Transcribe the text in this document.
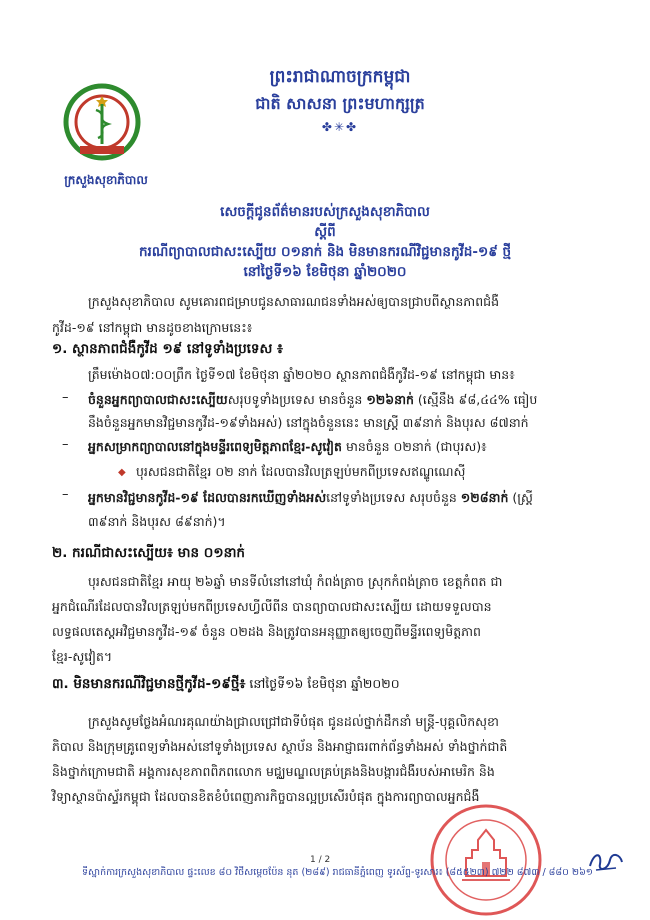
ព្រះរាជាណាចក្រកម្ពុជា
ជាតិ សាសនា ព្រះមហាក្សត្រ
✤✳✤
ក្រសួងសុខាភិបាល
សេចក្ដីជូនព័ត៌មានរបស់ក្រសួងសុខាភិបាល
ស្ដីពី
ករណីព្យាបាលជាសះស្បើយ ០១នាក់ និង មិនមានករណីវិជ្ជមានកូវីដ-១៩ ថ្មី
នៅថ្ងៃទី១៦ ខែមិថុនា ឆ្នាំ២០២០
ក្រសួងសុខាភិបាល សូមគោរពជម្រាបជូនសាធារណជនទាំងអស់ឲ្យបានជ្រាបពីស្ថានភាពជំងឺ
កូវីដ-១៩ នៅកម្ពុជា មានដូចខាងក្រោមនេះ៖
១. ស្ថានភាពជំងឺកូវីដ ១៩ នៅទូទាំងប្រទេស ៖
ត្រឹមម៉ោង០៧:០០ព្រឹក ថ្ងៃទី១៧ ខែមិថុនា ឆ្នាំ២០២០ ស្ថានភាពជំងឺកូវីដ-១៩ នៅកម្ពុជា មាន៖
– ចំនួនអ្នកព្យាបាលជាសះស្បើយសរុបទូទាំងប្រទេស មានចំនួន ១២៦នាក់ (ស្មើនឹង ៩៨,៤៤% ធៀប
នឹងចំនួនអ្នកមានវិជ្ជមានកូវីដ-១៩ទាំងអស់) នៅក្នុងចំនួននេះ មានស្ត្រី ៣៩នាក់ និងបុរស ៨៧នាក់
– អ្នកសម្រាកព្យាបាលនៅក្នុងមន្ទីរពេទ្យមិត្តភាពខ្មែរ-សូវៀត មានចំនួន ០២នាក់ (ជាបុរស)៖
◆ បុរសជនជាតិខ្មែរ ០២ នាក់ ដែលបានវិលត្រឡប់មកពីប្រទេសឥណ្ឌូណេស៊ី
– អ្នកមានវិជ្ជមានកូវីដ-១៩ ដែលបានរកឃើញទាំងអស់នៅទូទាំងប្រទេស សរុបចំនួន ១២៨នាក់ (ស្ត្រី
៣៩នាក់ និងបុរស ៨៩នាក់)។
២. ករណីជាសះស្បើយ៖ មាន ០១នាក់
បុរសជនជាតិខ្មែរ អាយុ ២៦ឆ្នាំ មានទីលំនៅនៅឃុំ កំពង់ត្រាច ស្រុកកំពង់ត្រាច ខេត្តកំពត ជា
អ្នកជំណើរដែលបានវិលត្រឡប់មកពីប្រទេសហ្វីលីពីន បានព្យាបាលជាសះស្បើយ ដោយទទួលបាន
លទ្ធផលតេស្តអវិជ្ជមានកូវីដ-១៩ ចំនួន ០២ដង និងត្រូវបានអនុញ្ញាតឲ្យចេញពីមន្ទីរពេទ្យមិត្តភាព
ខ្មែរ-សូវៀត។
៣. មិនមានករណីវិជ្ជមានថ្មីកូវីដ-១៩ថ្មី៖ នៅថ្ងៃទី១៦ ខែមិថុនា ឆ្នាំ២០២០
ក្រសួងសូមថ្លែងអំណរគុណយ៉ាងជ្រាលជ្រៅជាទីបំផុត ជូនដល់ថ្នាក់ដឹកនាំ មន្ត្រី-បុគ្គលិកសុខា
ភិបាល និងក្រុមគ្រូពេទ្យទាំងអស់នៅទូទាំងប្រទេស ស្ថាប័ន និងអាជ្ញាធរពាក់ព័ន្ធទាំងអស់ ទាំងថ្នាក់ជាតិ
និងថ្នាក់ក្រោមជាតិ អង្គការសុខភាពពិភពលោក មជ្ឈមណ្ឌលគ្រប់គ្រងនិងបង្ការជំងឺរបស់អាមេរិក និង
វិទ្យាស្ថានប៉ាស្ទ័រកម្ពុជា ដែលបានខិតខំបំពេញភារកិច្ចបានល្អប្រសើរបំផុត ក្នុងការព្យាបាលអ្នកជំងឺ
1 / 2
ទីស្នាក់ការក្រសួងសុខាភិបាល ផ្ទះលេខ ៨០ វិថីសម្ដេចប៉ែន នុត (២៨៩) រាជធានីភ្នំពេញ ទូរស័ព្ទ-ទូរសារ៖ (៨៥៥២៣) ៧២២ ៨៧៣ / ៨៨០ ២៦១
